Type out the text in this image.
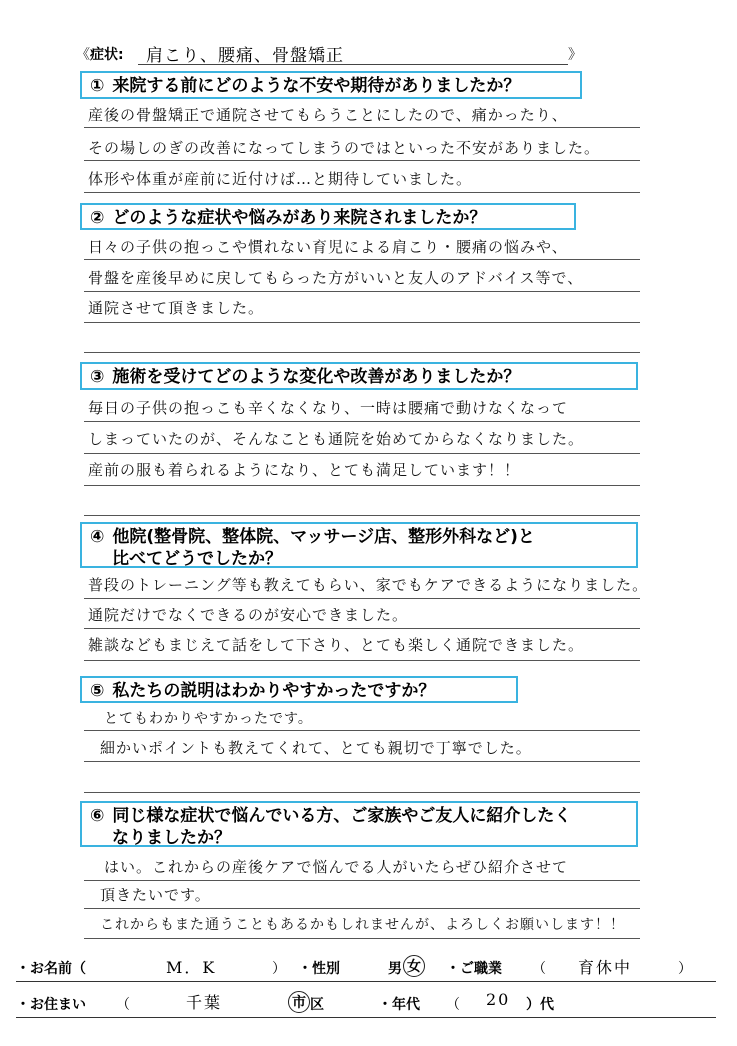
《 症状: 肩こり、腰痛、骨盤矯正	》
① 来院する前にどのような不安や期待がありましたか？
産後の骨盤矯正で通院させてもらうことにしたので、痛かったり、
その場しのぎの改善になってしまうのではといった不安がありました。
体形や体重が産前に近付けば…と期待していました。
② どのような症状や悩みがあり来院されましたか？
日々の子供の抱っこや慣れない育児による肩こり・腰痛の悩みや、
骨盤を産後早めに戻してもらった方がいいと友人のアドバイス等で、
通院させて頂きました。
③ 施術を受けてどのような変化や改善がありましたか？
毎日の子供の抱っこも辛くなくなり、一時は腰痛で動けなくなって
しまっていたのが、そんなことも通院を始めてからなくなりました。
産前の服も着られるようになり、とても満足しています！！
④ 他院(整骨院、整体院、マッサージ店、整形外科など)と
比べてどうでしたか？
普段のトレーニング等も教えてもらい、家でもケアできるようになりました。
通院だけでなくできるのが安心できました。
雑談などもまじえて話をして下さり、とても楽しく通院できました。
⑤ 私たちの説明はわかりやすかったですか？
とてもわかりやすかったです。
細かいポイントも教えてくれて、とても親切で丁寧でした。
⑥ 同じ様な症状で悩んでいる方、ご家族やご友人に紹介したく
なりましたか？
はい。これからの産後ケアで悩んでる人がいたらぜひ紹介させて
頂きたいです。
これからもまた通うこともあるかもしれませんが、よろしくお願いします！！
・お名前（	M．K	） ・性別	男 女 ・ご職業 （ 育休中	）
・お住まい （	千葉	市 区	・年代 （ 20 ）代
